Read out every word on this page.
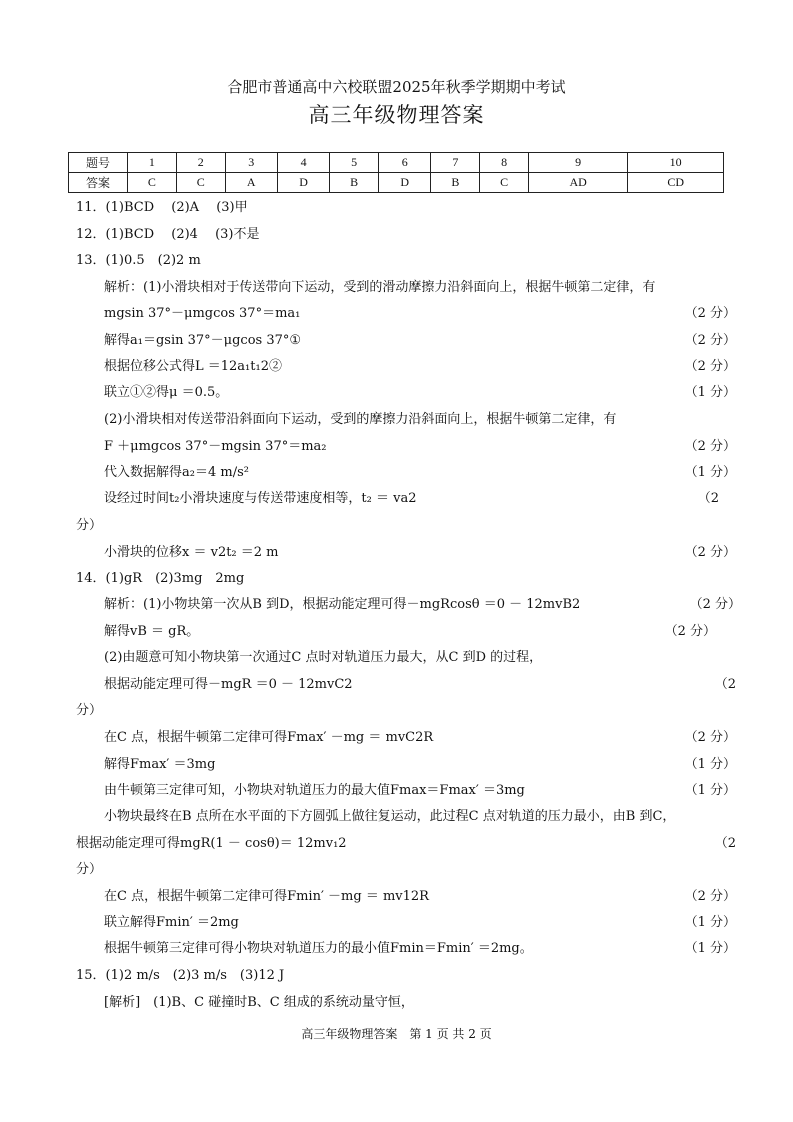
合肥市普通高中六校联盟2025年秋季学期期中考试
高三年级物理答案
题号	1	2	3	4	5	6	7	8	9	10
答案	C	C	A	D	B	D	B	C	AD	CD
11．(1)BCD　 (2)A　 (3)甲
12．(1)BCD　 (2)4　 (3)不是
13．(1)0.5　(2)2 m
解析：(1)小滑块相对于传送带向下运动，受到的滑动摩擦力沿斜面向上，根据牛顿第二定律，有
mgsin 37°－μmgcos 37°＝ma₁	（2 分）
解得a₁＝gsin 37°－μgcos 37°①	（2 分）
根据位移公式得L ＝12a₁t₁2②	（2 分）
联立①②得μ ＝0.5。	（1 分）
(2)小滑块相对传送带沿斜面向下运动，受到的摩擦力沿斜面向上，根据牛顿第二定律，有
F ＋μmgcos 37°－mgsin 37°＝ma₂	（2 分）
代入数据解得a₂＝4 m/s²	（1 分）
设经过时间t₂小滑块速度与传送带速度相等，t₂ ＝ va2	（2
分）
小滑块的位移x ＝ v2t₂ ＝2 m	（2 分）
14．(1)gR　(2)3mg　2mg
解析：(1)小物块第一次从B 到D，根据动能定理可得－mgRcosθ ＝0 － 12mvB2	（2 分）
解得vB ＝ gR。	（2 分）
(2)由题意可知小物块第一次通过C 点时对轨道压力最大，从C 到D 的过程，
根据动能定理可得－mgR ＝0 － 12mvC2	（2
分）
在C 点，根据牛顿第二定律可得Fmax′ －mg ＝ mvC2R	（2 分）
解得Fmax′ ＝3mg	（1 分）
由牛顿第三定律可知，小物块对轨道压力的最大值Fmax＝Fmax′ ＝3mg	（1 分）
小物块最终在B 点所在水平面的下方圆弧上做往复运动，此过程C 点对轨道的压力最小，由B 到C，
根据动能定理可得mgR(1 － cosθ)＝ 12mv₁2	（2
分）
在C 点，根据牛顿第二定律可得Fmin′ －mg ＝ mv12R	（2 分）
联立解得Fmin′ ＝2mg	（1 分）
根据牛顿第三定律可得小物块对轨道压力的最小值Fmin＝Fmin′ ＝2mg。	（1 分）
15．(1)2 m/s　(2)3 m/s　(3)12 J
[解析]　(1)B、C 碰撞时B、C 组成的系统动量守恒，
高三年级物理答案　第 1 页 共 2 页
